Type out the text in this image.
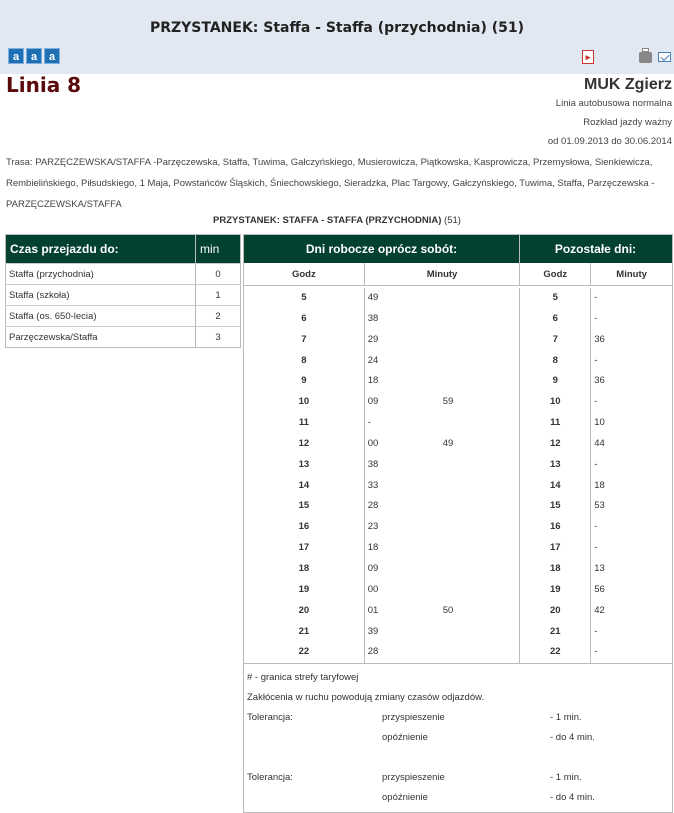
PRZYSTANEK: Staffa - Staffa (przychodnia) (51)
a	a	a	▸
Linia 8	MUK Zgierz
Linia autobusowa normalna
Rozkład jazdy ważny
od 01.09.2013 do 30.06.2014
Trasa: PARZĘCZEWSKA/STAFFA -Parzęczewska, Staffa, Tuwima, Gałczyńskiego, Musierowicza, Piątkowska, Kasprowicza, Przemysłowa, Sienkiewicza, Rembielińskiego, Piłsudskiego, 1 Maja, Powstańców Śląskich, Śniechowskiego, Sieradzka, Plac Targowy, Gałczyńskiego, Tuwima, Staffa, Parzęczewska - PARZĘCZEWSKA/STAFFA
PRZYSTANEK: STAFFA - STAFFA (PRZYCHODNIA) (51)
Czas przejazdu do:	min
Staffa (przychodnia)	0
Staffa (szkoła)	1
Staffa (os. 650-lecia)	2
Parzęczewska/Staffa	3
Dni robocze oprócz sobót:	Pozostałe dni:
Godz	Minuty	Godz	Minuty
5	49	5	-
6	38	6	-
7	29	7	36
8	24	8	-
9	18	9	36
10	09	59	10	-
11	-	11	10
12	00	49	12	44
13	38	13	-
14	33	14	18
15	28	15	53
16	23	16	-
17	18	17	-
18	09	18	13
19	00	19	56
20	01	50	20	42
21	39	21	-
22	28	22	-
# - granica strefy taryfowej
Zakłócenia w ruchu powodują zmiany czasów odjazdów.
Tolerancja:	przyspieszenie	- 1 min.
opóźnienie	- do 4 min.
Tolerancja:	przyspieszenie	- 1 min.
opóźnienie	- do 4 min.
